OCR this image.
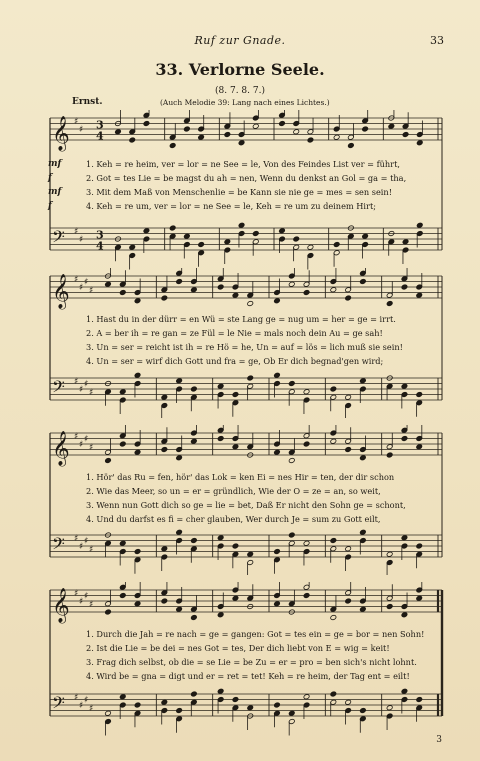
Ruf zur Gnade.	33
33. Verlorne Seele.
(8. 7. 8. 7.)
Ernst.	(Auch Melodie 39: Lang nach eines Lichtes.)
𝄞 ♯
♯ 3
4
𝄢 ♯
♯ 3
4
mf	1. Keh = re heim, ver = lor = ne See = le, Von des Feindes List ver = führt,
f	2. Got = tes Lie = be magst du ah = nen, Wenn du denkst an Gol = ga = tha,
mf	3. Mit dem Maß von Menschenlie = be Kann sie nie ge = mes = sen sein!
f	4. Keh = re um, ver = lor = ne See = le, Keh = re um zu deinem Hirt;
𝄞 ♯
♯
♯
♯
𝄢 ♯
♯
♯
♯
1. Hast du in der dürr = en Wü = ste Lang ge = nug um = her = ge = irrt.
2. A = ber ih = re gan = ze Fül = le Nie = mals noch dein Au = ge sah!
3. Un = ser = reicht ist ih = re Hö = he, Un = auf = lös = lich muß sie sein!
4. Un = ser = wirf dich Gott und fra = ge, Ob Er dich begnad'gen wird;
𝄞 ♯
♯
♯
♯
𝄢 ♯
♯
♯
♯
1. Hör' das Ru = fen, hör' das Lok = ken Ei = nes Hir = ten, der dir schon
2. Wie das Meer, so un = er = gründlich, Wie der O = ze = an, so weit,
3. Wenn nun Gott dich so ge = lie = bet, Daß Er nicht den Sohn ge = schont,
4. Und du darfst es fi = cher glauben, Wer durch Je = sum zu Gott eilt,
𝄞 ♯
♯
♯
♯
𝄢 ♯
♯
♯
♯
1. Durch die Jah = re nach = ge = gangen: Got = tes ein = ge = bor = nen Sohn!
2. Ist die Lie = be dei = nes Got = tes, Der dich liebt von E = wig = keit!
3. Frag dich selbst, ob die = se Lie = be Zu = er = pro = ben sich's nicht lohnt.
4. Wird be = gna = digt und er = ret = tet! Keh = re heim, der Tag ent = eilt!
3
